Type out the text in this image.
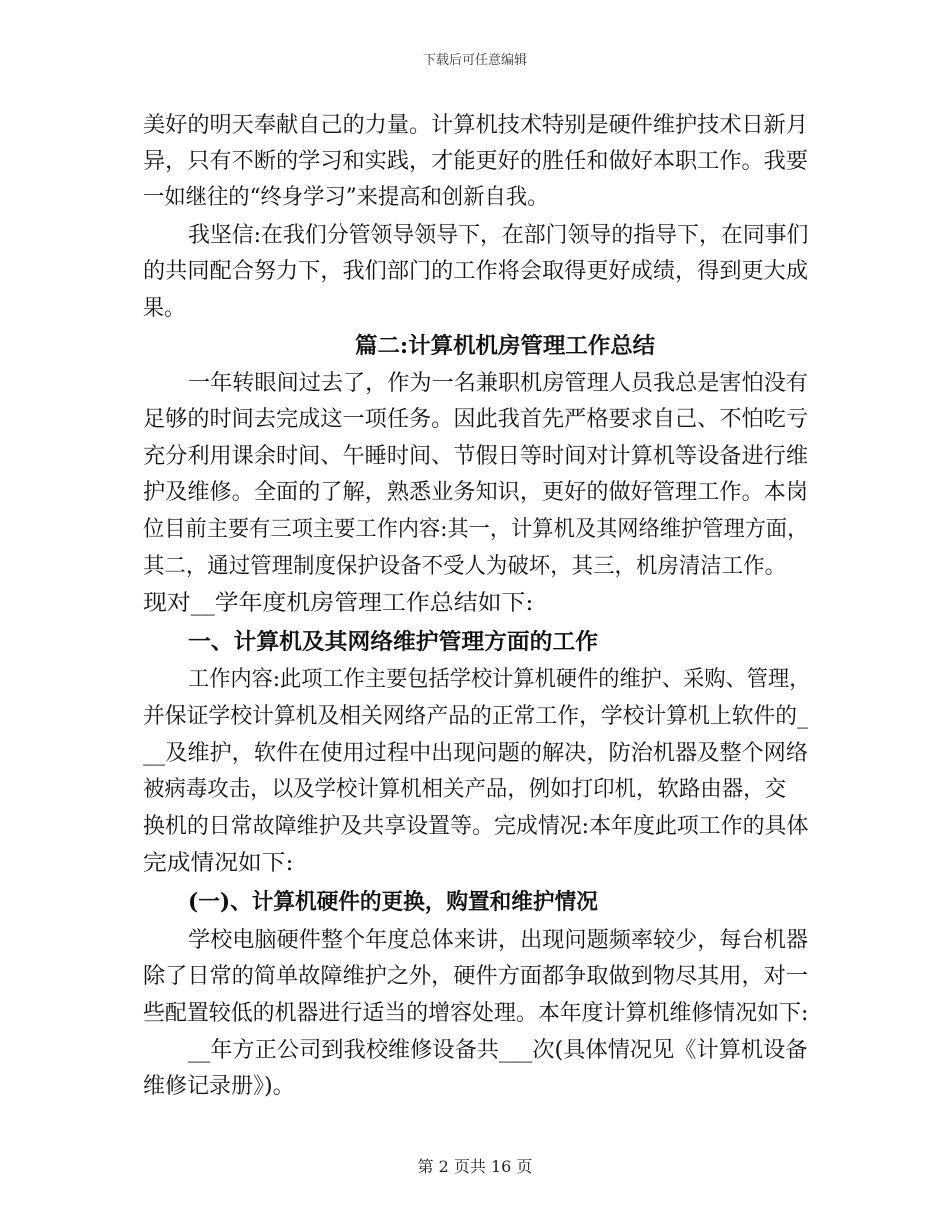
下载后可任意编辑
美好的明天奉献自己的力量。计算机技术特别是硬件维护技术日新月
异，只有不断的学习和实践，才能更好的胜任和做好本职工作。我要
一如继往的“终身学习”来提高和创新自我。
我坚信:在我们分管领导领导下，在部门领导的指导下，在同事们
的共同配合努力下，我们部门的工作将会取得更好成绩，得到更大成
果。
篇二:计算机机房管理工作总结
一年转眼间过去了，作为一名兼职机房管理人员我总是害怕没有
足够的时间去完成这一项任务。因此我首先严格要求自己、不怕吃亏
充分利用课余时间、午睡时间、节假日等时间对计算机等设备进行维
护及维修。全面的了解，熟悉业务知识，更好的做好管理工作。本岗
位目前主要有三项主要工作内容:其一，计算机及其网络维护管理方面，
其二，通过管理制度保护设备不受人为破坏，其三，机房清洁工作。
现对__学年度机房管理工作总结如下:
一、计算机及其网络维护管理方面的工作
工作内容:此项工作主要包括学校计算机硬件的维护、采购、管理，
并保证学校计算机及相关网络产品的正常工作，学校计算机上软件的_
__及维护，软件在使用过程中出现问题的解决，防治机器及整个网络
被病毒攻击，以及学校计算机相关产品，例如打印机，软路由器，交
换机的日常故障维护及共享设置等。完成情况:本年度此项工作的具体
完成情况如下:
(一)、计算机硬件的更换，购置和维护情况
学校电脑硬件整个年度总体来讲，出现问题频率较少，每台机器
除了日常的简单故障维护之外，硬件方面都争取做到物尽其用，对一
些配置较低的机器进行适当的增容处理。本年度计算机维修情况如下:
__年方正公司到我校维修设备共___次(具体情况见《计算机设备
维修记录册》)。
第 2 页共 16 页
